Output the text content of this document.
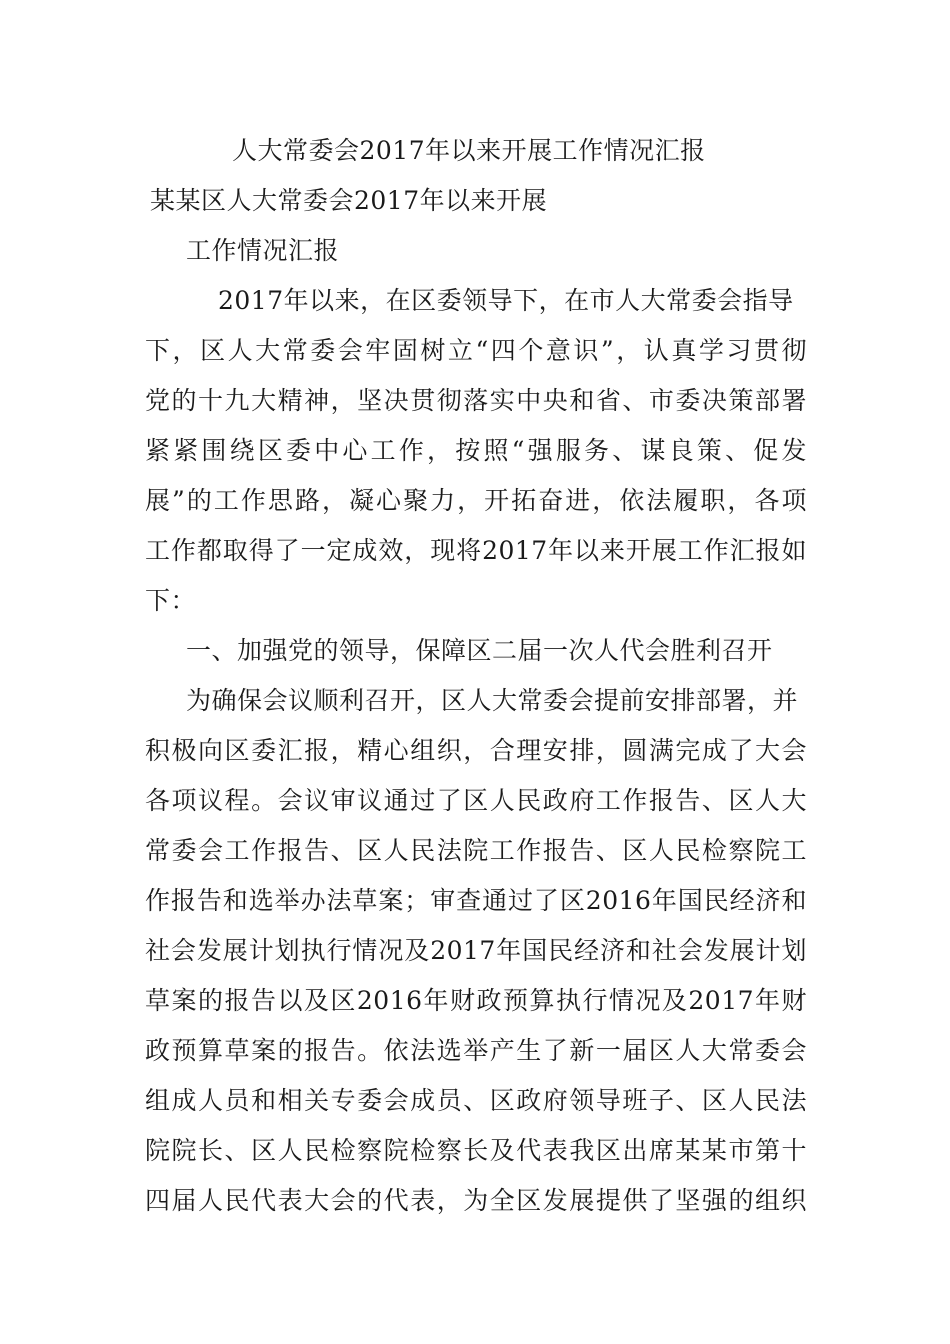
人大常委会2017年以来开展工作情况汇报
某某区人大常委会2017年以来开展
工作情况汇报
2017年以来，在区委领导下，在市人大常委会指导
下，区人大常委会牢固树立“四个意识”，认真学习贯彻
党的十九大精神，坚决贯彻落实中央和省、市委决策部署
紧紧围绕区委中心工作，按照“强服务、谋良策、促发
展”的工作思路，凝心聚力，开拓奋进，依法履职，各项
工作都取得了一定成效，现将2017年以来开展工作汇报如
下：
一、加强党的领导，保障区二届一次人代会胜利召开
为确保会议顺利召开，区人大常委会提前安排部署，并
积极向区委汇报，精心组织，合理安排，圆满完成了大会
各项议程。会议审议通过了区人民政府工作报告、区人大
常委会工作报告、区人民法院工作报告、区人民检察院工
作报告和选举办法草案；审查通过了区2016年国民经济和
社会发展计划执行情况及2017年国民经济和社会发展计划
草案的报告以及区2016年财政预算执行情况及2017年财
政预算草案的报告。依法选举产生了新一届区人大常委会
组成人员和相关专委会成员、区政府领导班子、区人民法
院院长、区人民检察院检察长及代表我区出席某某市第十
四届人民代表大会的代表，为全区发展提供了坚强的组织
